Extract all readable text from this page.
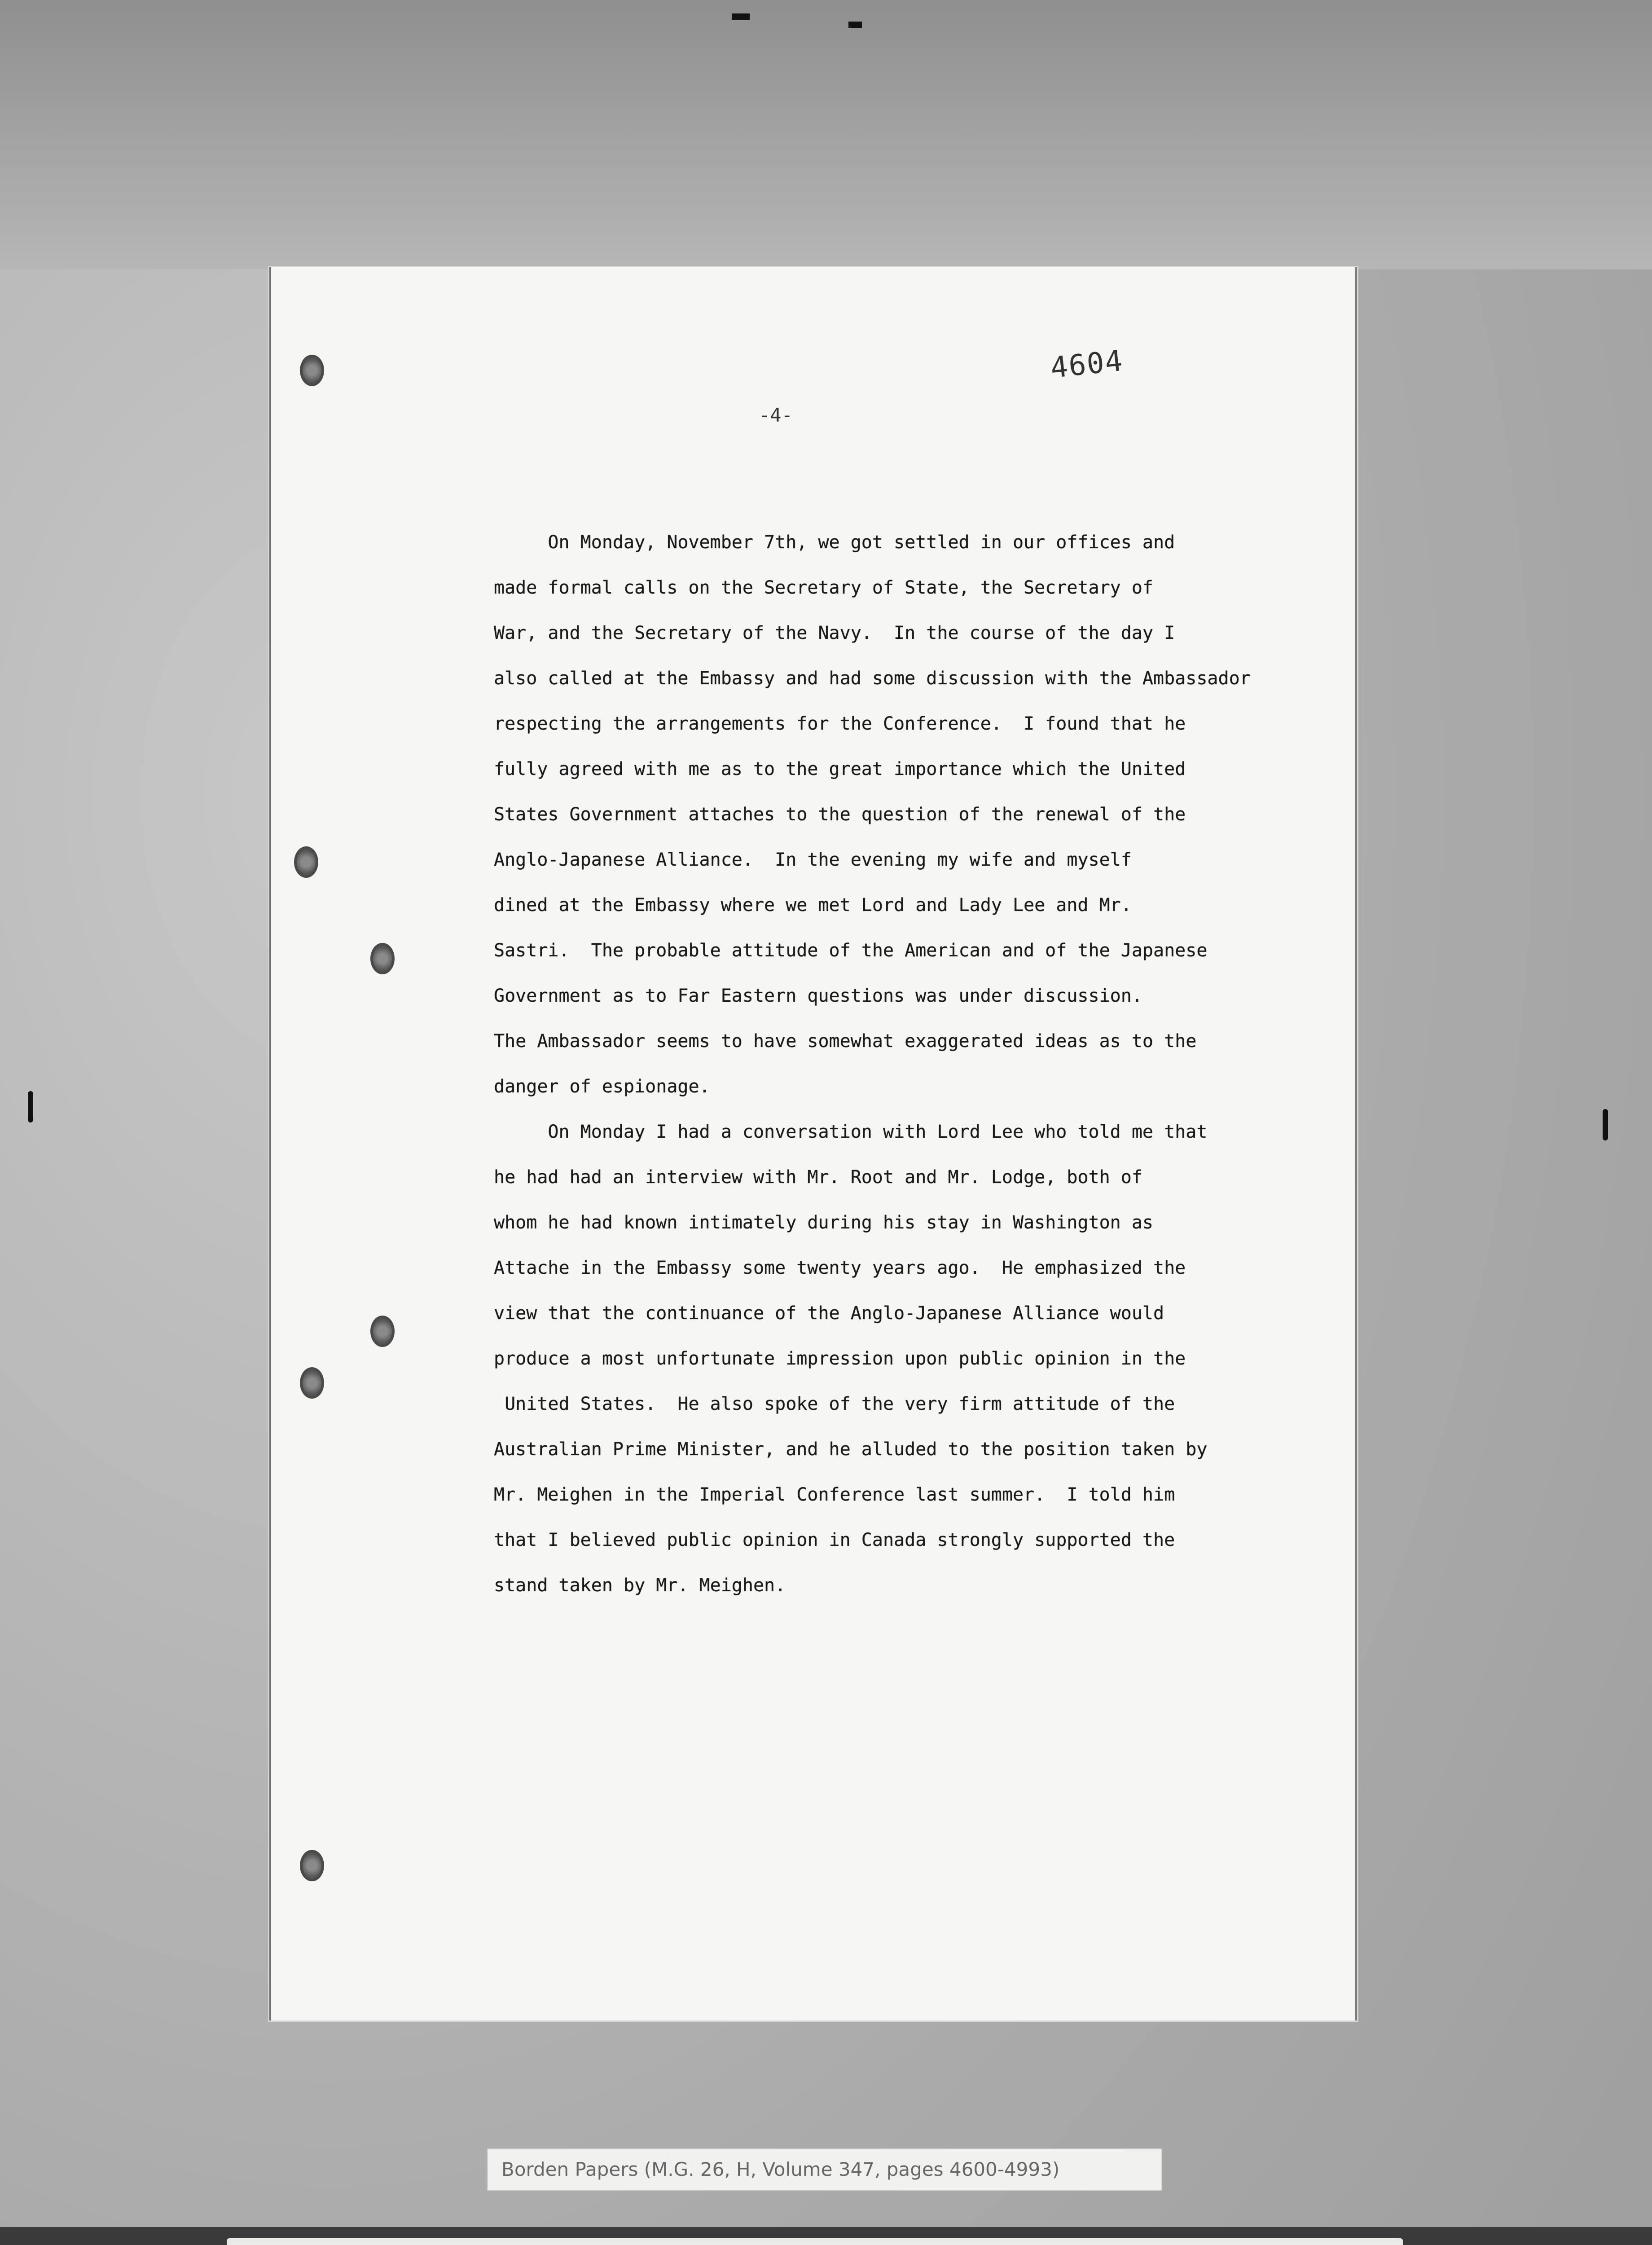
4604

-4-

On Monday, November 7th, we got settled in our offices and
made formal calls on the Secretary of State, the Secretary of
War, and the Secretary of the Navy.  In the course of the day I
also called at the Embassy and had some discussion with the Ambassador
respecting the arrangements for the Conference.  I found that he
fully agreed with me as to the great importance which the United
States Government attaches to the question of the renewal of the
Anglo-Japanese Alliance.  In the evening my wife and myself
dined at the Embassy where we met Lord and Lady Lee and Mr.
Sastri.  The probable attitude of the American and of the Japanese
Government as to Far Eastern questions was under discussion.
The Ambassador seems to have somewhat exaggerated ideas as to the
danger of espionage.
On Monday I had a conversation with Lord Lee who told me that
he had had an interview with Mr. Root and Mr. Lodge, both of
whom he had known intimately during his stay in Washington as
Attache in the Embassy some twenty years ago.  He emphasized the
view that the continuance of the Anglo-Japanese Alliance would
produce a most unfortunate impression upon public opinion in the
United States.  He also spoke of the very firm attitude of the
Australian Prime Minister, and he alluded to the position taken by
Mr. Meighen in the Imperial Conference last summer.  I told him
that I believed public opinion in Canada strongly supported the
stand taken by Mr. Meighen.

Borden Papers (M.G. 26, H, Volume 347, pages 4600-4993)
